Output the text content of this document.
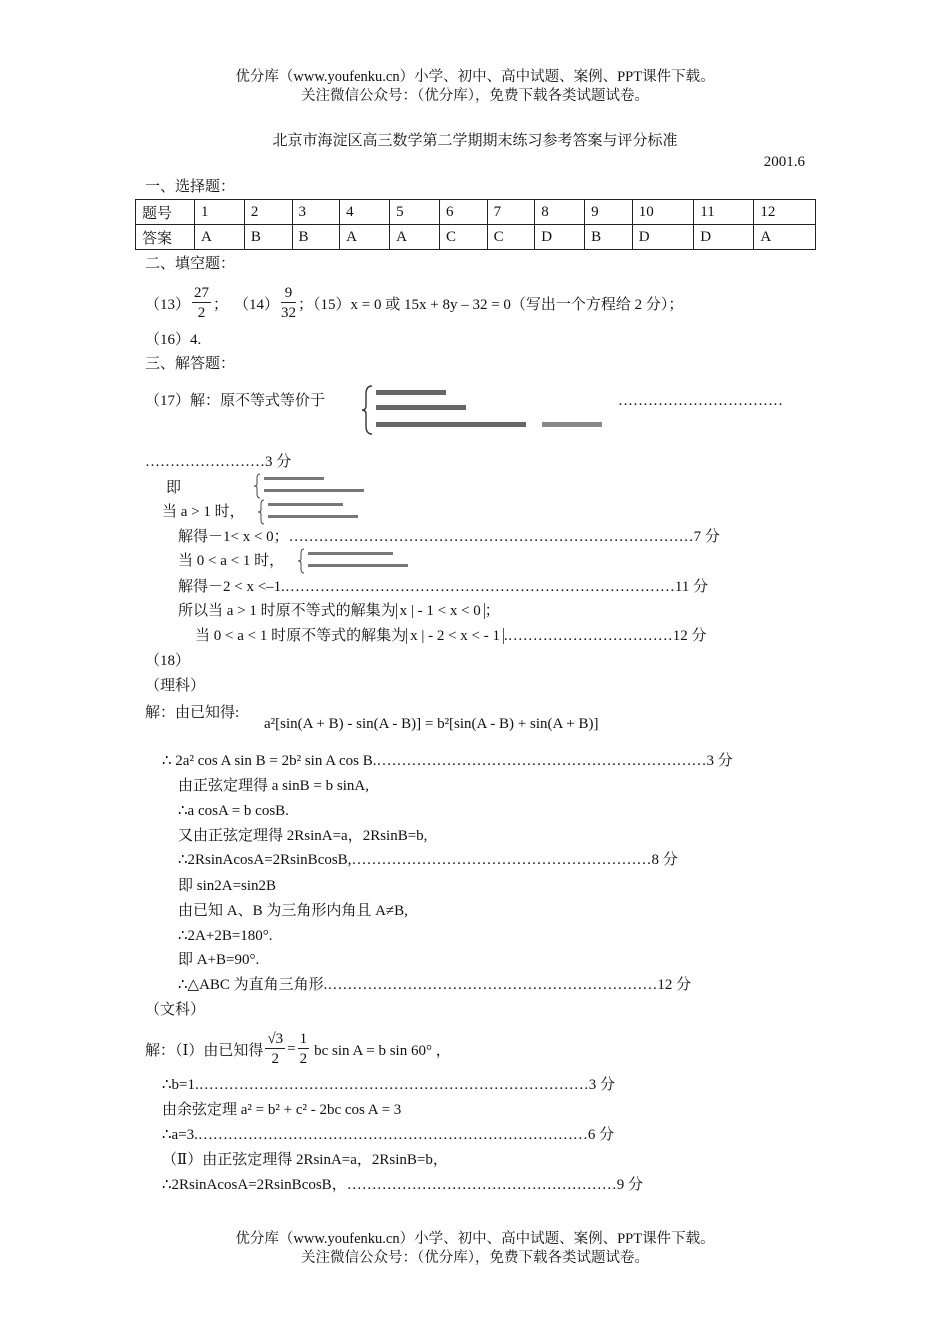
优分库（www.youfenku.cn）小学、初中、高中试题、案例、PPT课件下载。
关注微信公众号：（优分库），免费下载各类试题试卷。
北京市海淀区高三数学第二学期期末练习参考答案与评分标准
2001.6
一、选择题：
题号	1	2	3	4	5	6	7	8	9	10	11	12
答案	A	B	B	A	A	C	C	D	B	D	D	A
二、填空题：
$(13) \frac{27}{2}$ ； $(14) \frac{9}{32}$ ；（15）x = 0 或 15x + 8y – 32 = 0（写出一个方程给 2 分）；
（16）4.
三、解答题：
（17）解：原不等式等价于	……………………………
……………………3 分
即
当 a > 1 时，
解得－1< x < 0；………………………………………………………………………7 分
当 0 < a < 1 时，
解得－2 < x <–1.……………………………………………………………………11 分
所以当 a > 1 时原不等式的解集为 x | - 1 < x < 0 ；
当 0 < a < 1 时原不等式的解集为 x | - 2 < x < - 1 .……………………………12 分
（18）
（理科）
解：由已知得:
a²[sin(A + B) - sin(A - B)] = b²[sin(A - B) + sin(A + B)]
∴ 2a² cos A sin B = 2b² sin A cos B.…………………………………………………………3 分
由正弦定理得 a sinB = b sinA,
∴a cosA = b cosB.
又由正弦定理得 2RsinA=a，2RsinB=b,
∴2RsinAcosA=2RsinBcosB,……………………………………………………8 分
即 sin2A=sin2B
由已知 A、B 为三角形内角且 A≠B,
∴2A+2B=180°.
即 A+B=90°.
∴△ABC 为直角三角形.…………………………………………………………12 分
（文科）
解：（Ⅰ）由已知得 $\frac{√3}{2} = \frac{1}{2}$ bc sin A = b sin 60° ，
∴b=1.……………………………………………………………………3 分
由余弦定理 a² = b² + c² - 2bc cos A = 3
∴a=3.……………………………………………………………………6 分
（Ⅱ）由正弦定理得 2RsinA=a，2RsinB=b，
∴2RsinAcosA=2RsinBcosB，………………………………………………9 分
优分库（www.youfenku.cn）小学、初中、高中试题、案例、PPT课件下载。
关注微信公众号：（优分库），免费下载各类试题试卷。
